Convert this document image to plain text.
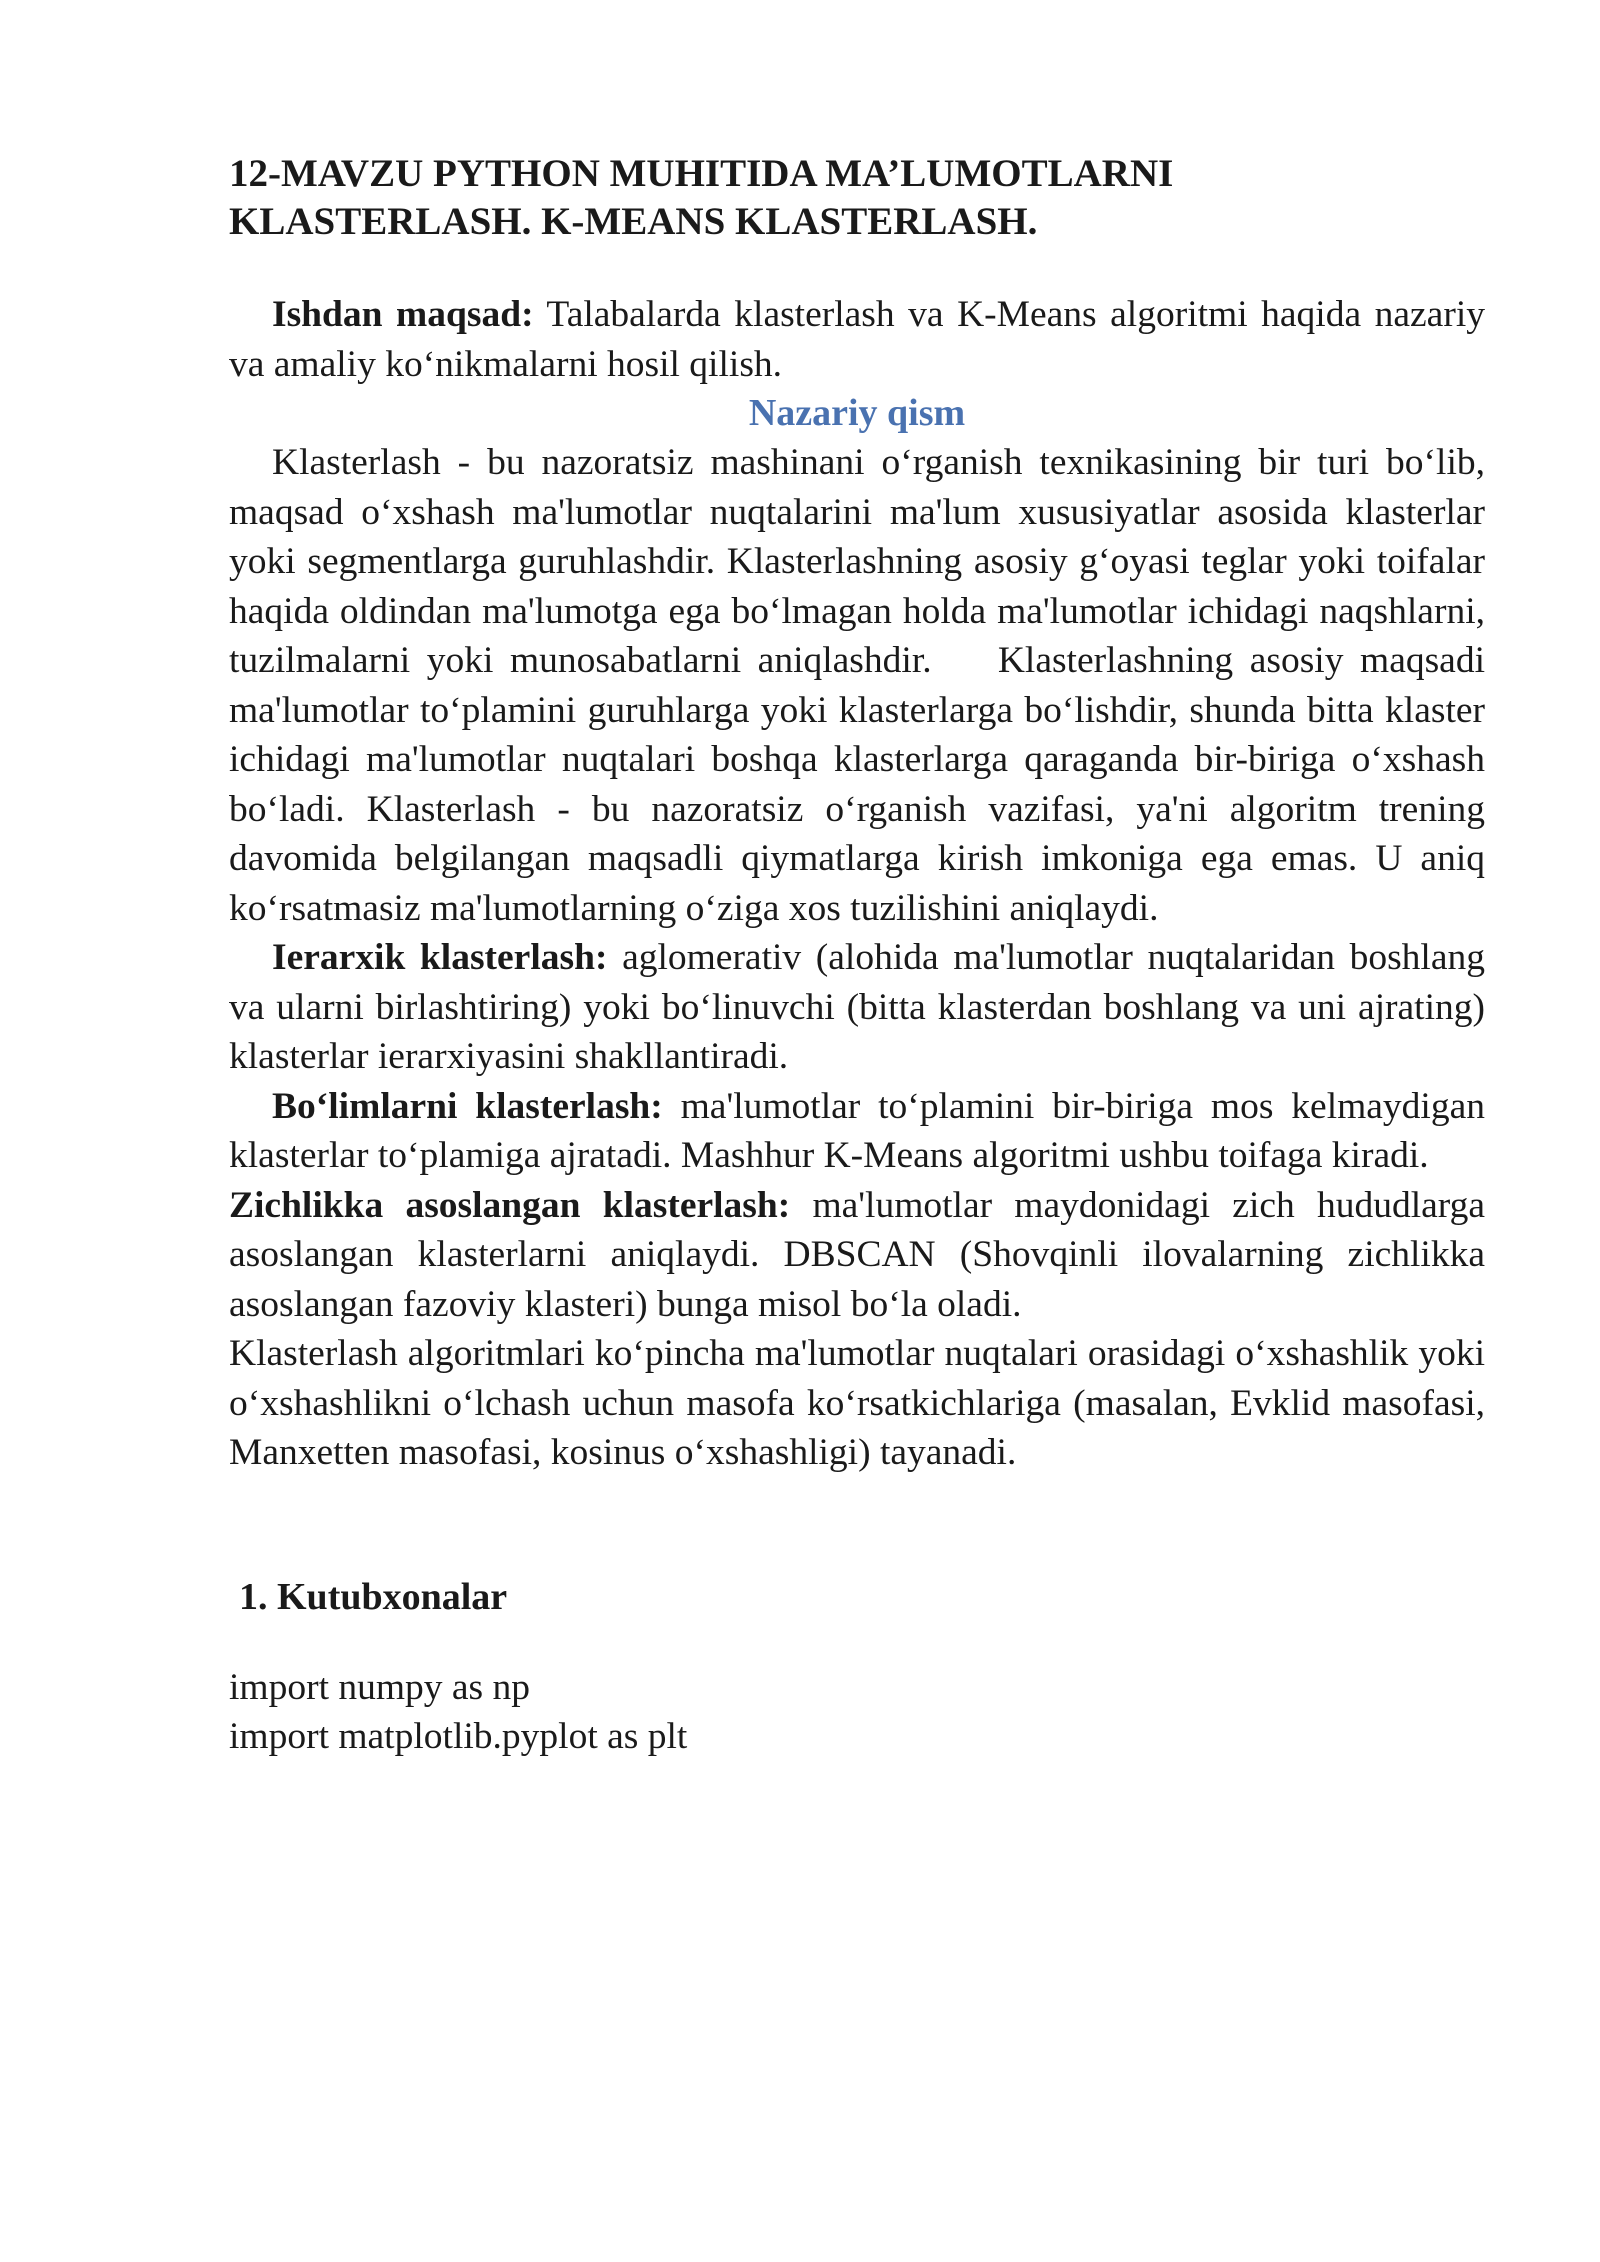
12-MAVZU PYTHON MUHITIDA MA’LUMOTLARNI
KLASTERLASH. K-MEANS KLASTERLASH.

Ishdan maqsad: Talabalarda klasterlash va K-Means algoritmi haqida nazariy va amaliy ko‘nikmalarni hosil qilish.

Nazariy qism

Klasterlash - bu nazoratsiz mashinani o‘rganish texnikasining bir turi bo‘lib, maqsad o‘xshash ma'lumotlar nuqtalarini ma'lum xususiyatlar asosida klasterlar yoki segmentlarga guruhlashdir. Klasterlashning asosiy g‘oyasi teglar yoki toifalar haqida oldindan ma'lumotga ega bo‘lmagan holda ma'lumotlar ichidagi naqshlarni, tuzilmalarni yoki munosabatlarni aniqlashdir.    Klasterlashning asosiy maqsadi ma'lumotlar to‘plamini guruhlarga yoki klasterlarga bo‘lishdir, shunda bitta klaster ichidagi ma'lumotlar nuqtalari boshqa klasterlarga qaraganda bir-biriga o‘xshash bo‘ladi. Klasterlash - bu nazoratsiz o‘rganish vazifasi, ya'ni algoritm trening davomida belgilangan maqsadli qiymatlarga kirish imkoniga ega emas. U aniq ko‘rsatmasiz ma'lumotlarning o‘ziga xos tuzilishini aniqlaydi.

Ierarxik klasterlash: aglomerativ (alohida ma'lumotlar nuqtalaridan boshlang va ularni birlashtiring) yoki bo‘linuvchi (bitta klasterdan boshlang va uni ajrating) klasterlar ierarxiyasini shakllantiradi.

Bo‘limlarni klasterlash: ma'lumotlar to‘plamini bir-biriga mos kelmaydigan klasterlar to‘plamiga ajratadi. Mashhur K-Means algoritmi ushbu toifaga kiradi.

Zichlikka asoslangan klasterlash: ma'lumotlar maydonidagi zich hududlarga asoslangan klasterlarni aniqlaydi. DBSCAN (Shovqinli ilovalarning zichlikka asoslangan fazoviy klasteri) bunga misol bo‘la oladi.

Klasterlash algoritmlari ko‘pincha ma'lumotlar nuqtalari orasidagi o‘xshashlik yoki o‘xshashlikni o‘lchash uchun masofa ko‘rsatkichlariga (masalan, Evklid masofasi, Manxetten masofasi, kosinus o‘xshashligi) tayanadi.

1. Kutubxonalar

import numpy as np
import matplotlib.pyplot as plt
